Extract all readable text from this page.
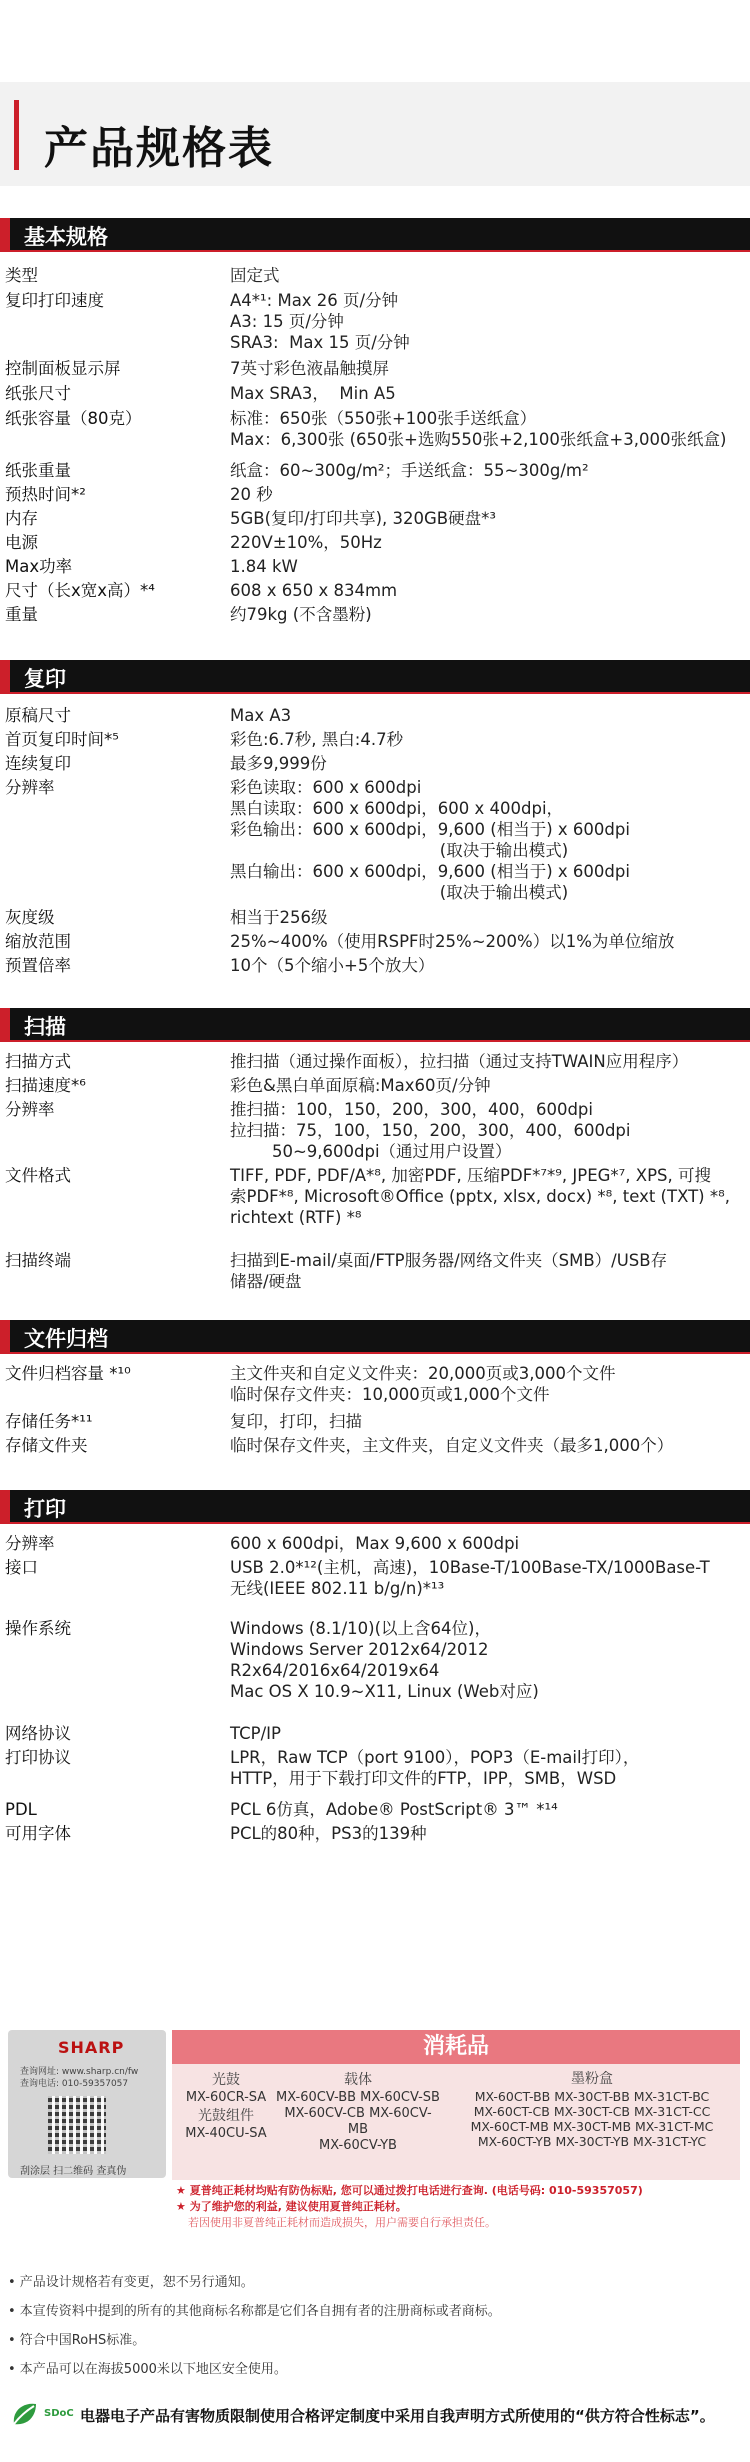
产品规格表
基本规格
类型	固定式
复印打印速度	A4*¹: Max 26 页/分钟
A3: 15 页/分钟
SRA3:  Max 15 页/分钟
控制面板显示屏	7英寸彩色液晶触摸屏
纸张尺寸	Max SRA3，  Min A5
纸张容量（80克）	标准：650张（550张+100张手送纸盒）
Max：6,300张 (650张+选购550张+2,100张纸盒+3,000张纸盒)
纸张重量	纸盒：60~300g/m²；手送纸盒：55~300g/m²
预热时间*²	20 秒
内存	5GB(复印/打印共享), 320GB硬盘*³
电源	220V±10%，50Hz
Max功率	1.84 kW
尺寸（长x宽x高）*⁴	608 x 650 x 834mm
重量	约79kg (不含墨粉)
复印
原稿尺寸	Max A3
首页复印时间*⁵	彩色:6.7秒, 黑白:4.7秒
连续复印	最多9,999份
分辨率	彩色读取：600 x 600dpi
黑白读取：600 x 600dpi，600 x 400dpi，
彩色输出：600 x 600dpi，9,600 (相当于) x 600dpi
(取决于输出模式)
黑白输出：600 x 600dpi，9,600 (相当于) x 600dpi
(取决于输出模式)
灰度级	相当于256级
缩放范围	25%~400%（使用RSPF时25%~200%）以1%为单位缩放
预置倍率	10个（5个缩小+5个放大）
扫描
扫描方式	推扫描（通过操作面板），拉扫描（通过支持TWAIN应用程序）
扫描速度*⁶	彩色&黑白单面原稿:Max60页/分钟
分辨率	推扫描：100，150，200，300，400，600dpi
拉扫描：75，100，150，200，300，400，600dpi
50~9,600dpi（通过用户设置）
文件格式	TIFF, PDF, PDF/A*⁸, 加密PDF, 压缩PDF*⁷*⁹, JPEG*⁷, XPS, 可搜
索PDF*⁸, Microsoft®Office (pptx, xlsx, docx) *⁸, text (TXT) *⁸,
richtext (RTF) *⁸
扫描终端	扫描到E-mail/桌面/FTP服务器/网络文件夹（SMB）/USB存
储器/硬盘
文件归档
文件归档容量 *¹⁰	主文件夹和自定义文件夹：20,000页或3,000个文件
临时保存文件夹：10,000页或1,000个文件
存储任务*¹¹	复印，打印，扫描
存储文件夹	临时保存文件夹，主文件夹，自定义文件夹（最多1,000个）
打印
分辨率	600 x 600dpi，Max 9,600 x 600dpi
接口	USB 2.0*¹²(主机，高速)，10Base-T/100Base-TX/1000Base-T
无线(IEEE 802.11 b/g/n)*¹³
操作系统	Windows (8.1/10)(以上含64位)，
Windows Server 2012x64/2012
R2x64/2016x64/2019x64
Mac OS X 10.9~X11, Linux (Web对应)
网络协议	TCP/IP
打印协议	LPR，Raw TCP（port 9100），POP3（E-mail打印），
HTTP，用于下载打印文件的FTP，IPP，SMB，WSD
PDL	PCL 6仿真，Adobe® PostScript® 3™ *¹⁴
可用字体	PCL的80种，PS3的139种
SHARP
查询网址: www.sharp.cn/fw
查询电话: 010-59357057
刮涂层 扫二维码 查真伪
消耗品
光鼓
MX-60CR-SA
光鼓组件
MX-40CU-SA
载体
MX-60CV-BB MX-60CV-SB
MX-60CV-CB MX-60CV-MB
MX-60CV-YB
墨粉盒
MX-60CT-BB MX-30CT-BB MX-31CT-BC
MX-60CT-CB MX-30CT-CB MX-31CT-CC
MX-60CT-MB MX-30CT-MB MX-31CT-MC
MX-60CT-YB MX-30CT-YB MX-31CT-YC
★ 夏普纯正耗材均贴有防伪标贴, 您可以通过拨打电话进行查询. (电话号码: 010-59357057)
★ 为了维护您的利益, 建议使用夏普纯正耗材。
若因使用非夏普纯正耗材而造成损失，用户需要自行承担责任。
• 产品设计规格若有变更，恕不另行通知。
• 本宣传资料中提到的所有的其他商标名称都是它们各自拥有者的注册商标或者商标。
• 符合中国RoHS标准。
• 本产品可以在海拔5000米以下地区安全使用。
SDoC 电器电子产品有害物质限制使用合格评定制度中采用自我声明方式所使用的“供方符合性标志”。
